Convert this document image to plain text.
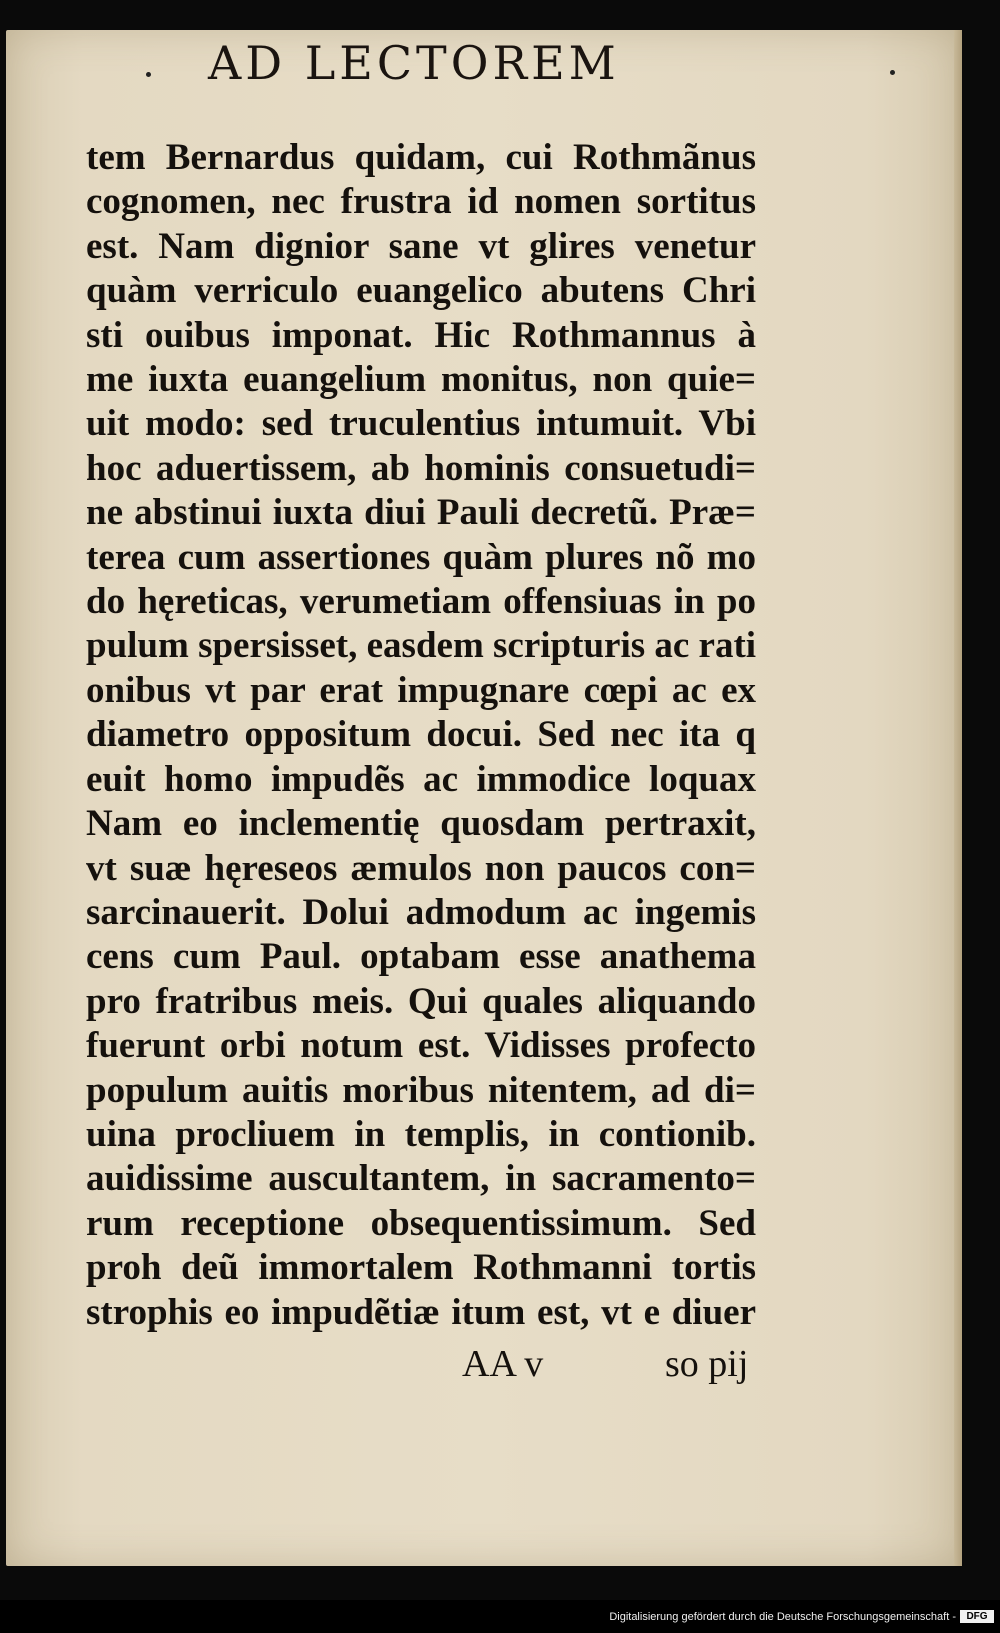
AD LECTOREM
tem Bernardus quidam, cui Rothmãnus
cognomen, nec frustra id nomen sortitus
est. Nam dignior sane vt glires venetur
quàm verriculo euangelico abutens Chri
sti ouibus imponat. Hic Rothmannus à
me iuxta euangelium monitus, non quie=
uit modo: sed truculentius intumuit. Vbi
hoc aduertissem, ab hominis consuetudi=
ne abstinui iuxta diui Pauli decretũ. Præ=
terea cum assertiones quàm plures nõ mo
do hęreticas, verumetiam offensiuas in po
pulum spersisset, easdem scripturis ac rati
onibus vt par erat impugnare cœpi ac ex
diametro oppositum docui. Sed nec ita q
euit homo impudẽs ac immodice loquax
Nam eo inclementię quosdam pertraxit,
vt suæ hęreseos æmulos non paucos con=
sarcinauerit. Dolui admodum ac ingemis
cens cum Paul. optabam esse anathema
pro fratribus meis. Qui quales aliquando
fuerunt orbi notum est. Vidisses profecto
populum auitis moribus nitentem, ad di=
uina procliuem in templis, in contionib.
auidissime auscultantem, in sacramento=
rum receptione obsequentissimum. Sed
proh deũ immortalem Rothmanni tortis
strophis eo impudẽtiæ itum est, vt e diuer
AA v	so pij
Digitalisierung gefördert durch die Deutsche Forschungsgemeinschaft -	DFG
